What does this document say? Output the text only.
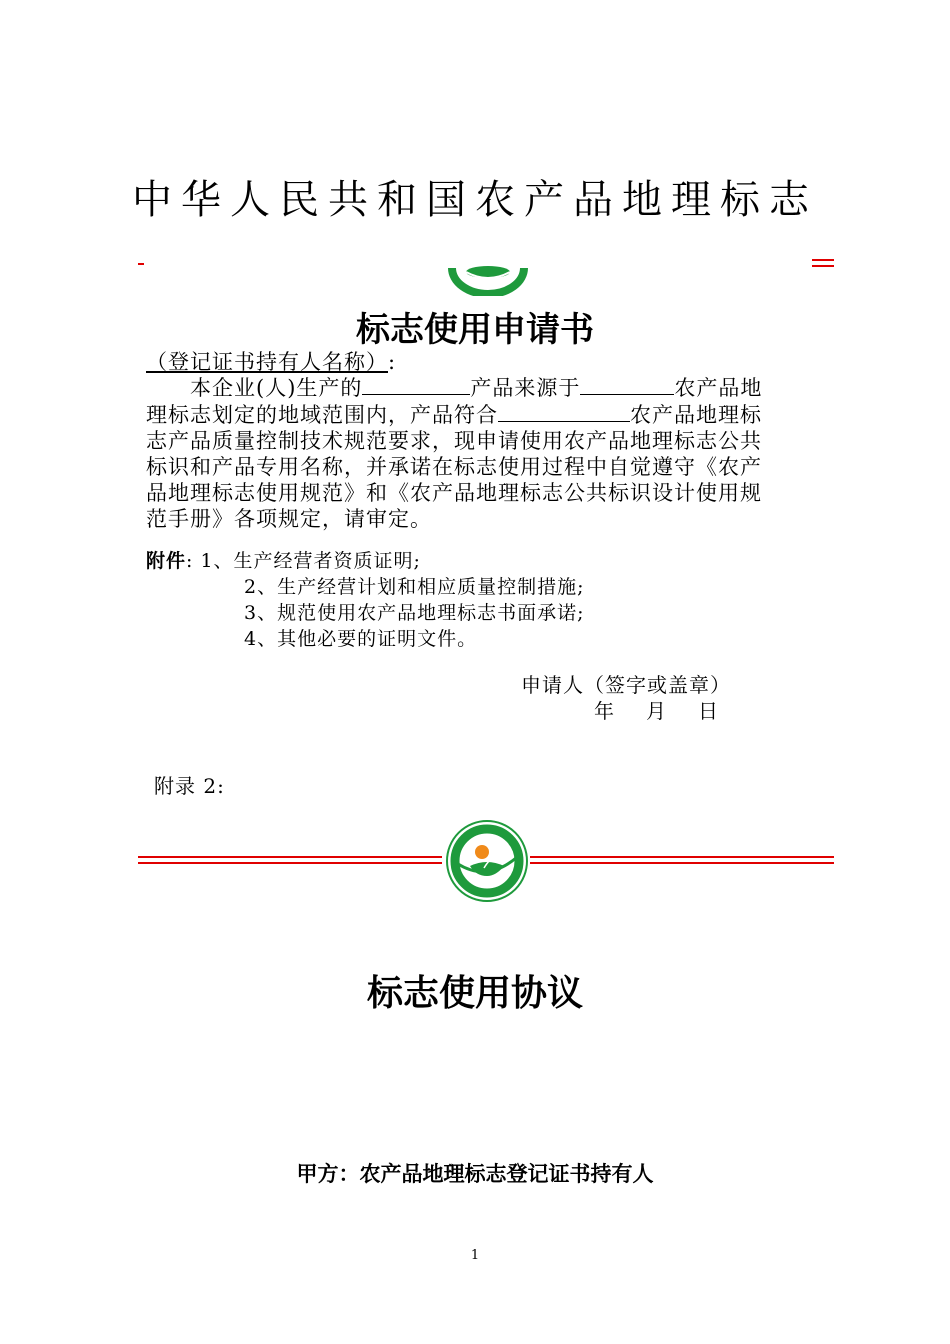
中华人民共和国农产品地理标志
标志使用申请书
（登记证书持有人名称）:
本企业(人)生产的	产品来源于	农产品地
理标志划定的地域范围内，产品符合	农产品地理标
志产品质量控制技术规范要求，现申请使用农产品地理标志公共
标识和产品专用名称，并承诺在标志使用过程中自觉遵守《农产
品地理标志使用规范》和《农产品地理标志公共标识设计使用规
范手册》各项规定，请审定。
附件: 1、生产经营者资质证明;
2、生产经营计划和相应质量控制措施;
3、规范使用农产品地理标志书面承诺;
4、其他必要的证明文件。
申请人（签字或盖章）
年　月　日
附录 2:
标志使用协议
甲方：农产品地理标志登记证书持有人
1
